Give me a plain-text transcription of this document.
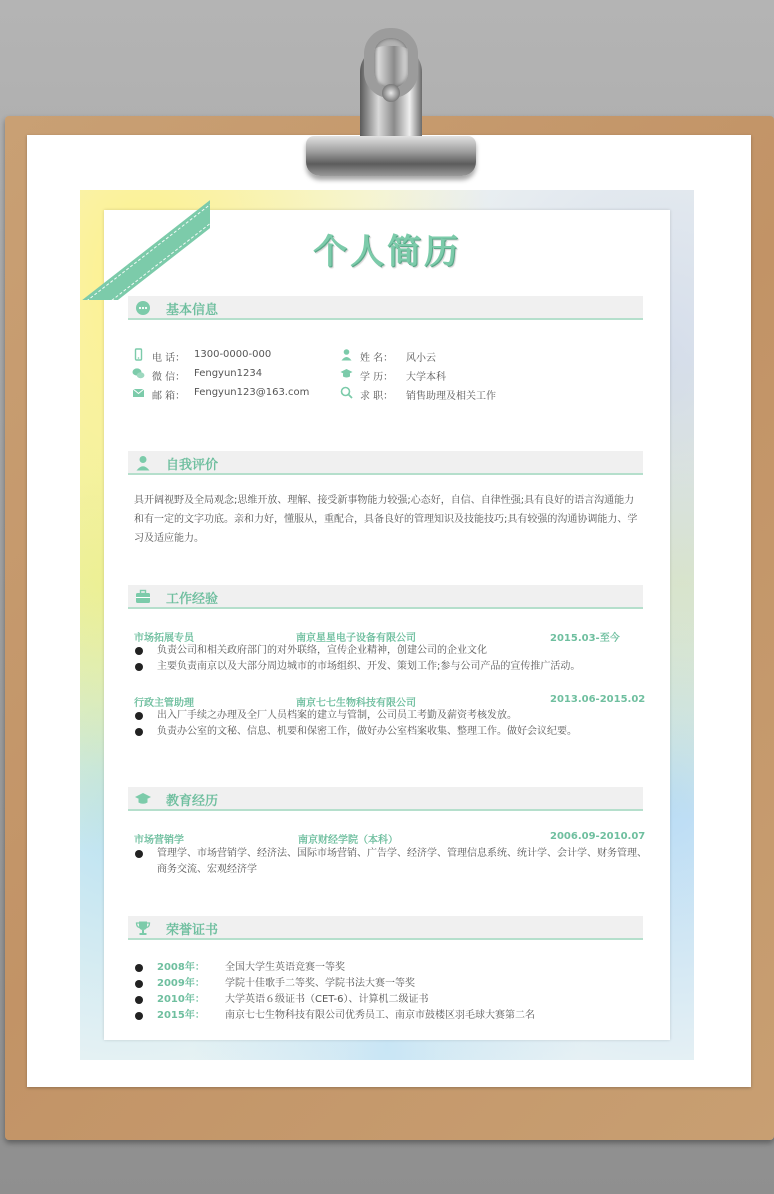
个人简历
基本信息
电 话： 1300-0000-000
微 信： Fengyun1234
邮 箱： Fengyun123@163.com
姓 名： 风小云
学 历： 大学本科
求 职： 销售助理及相关工作
自我评价
具开阔视野及全局观念;思维开放、理解、接受新事物能力较强;心态好，自信、自律性强;具有良好的语言沟通能力和有一定的文字功底。亲和力好，懂服从，重配合，具备良好的管理知识及技能技巧;具有较强的沟通协调能力、学习及适应能力。
工作经验
市场拓展专员	南京星星电子设备有限公司	2015.03-至今
负责公司和相关政府部门的对外联络，宣传企业精神，创建公司的企业文化
主要负责南京以及大部分周边城市的市场组织、开发、策划工作;参与公司产品的宣传推广活动。
行政主管助理	南京七七生物科技有限公司	2013.06-2015.02
出入厂手续之办理及全厂人员档案的建立与管制，公司员工考勤及薪资考核发放。
负责办公室的文秘、信息、机要和保密工作，做好办公室档案收集、整理工作。做好会议纪要。
教育经历
市场营销学	南京财经学院（本科）	2006.09-2010.07
管理学、市场营销学、经济法、国际市场营销、广告学、经济学、管理信息系统、统计学、会计学、财务管理、商务交流、宏观经济学
荣誉证书
2008年： 全国大学生英语竞赛一等奖
2009年： 学院十佳歌手二等奖、学院书法大赛一等奖
2010年： 大学英语６级证书（CET-6）、计算机二级证书
2015年： 南京七七生物科技有限公司优秀员工、南京市鼓楼区羽毛球大赛第二名
